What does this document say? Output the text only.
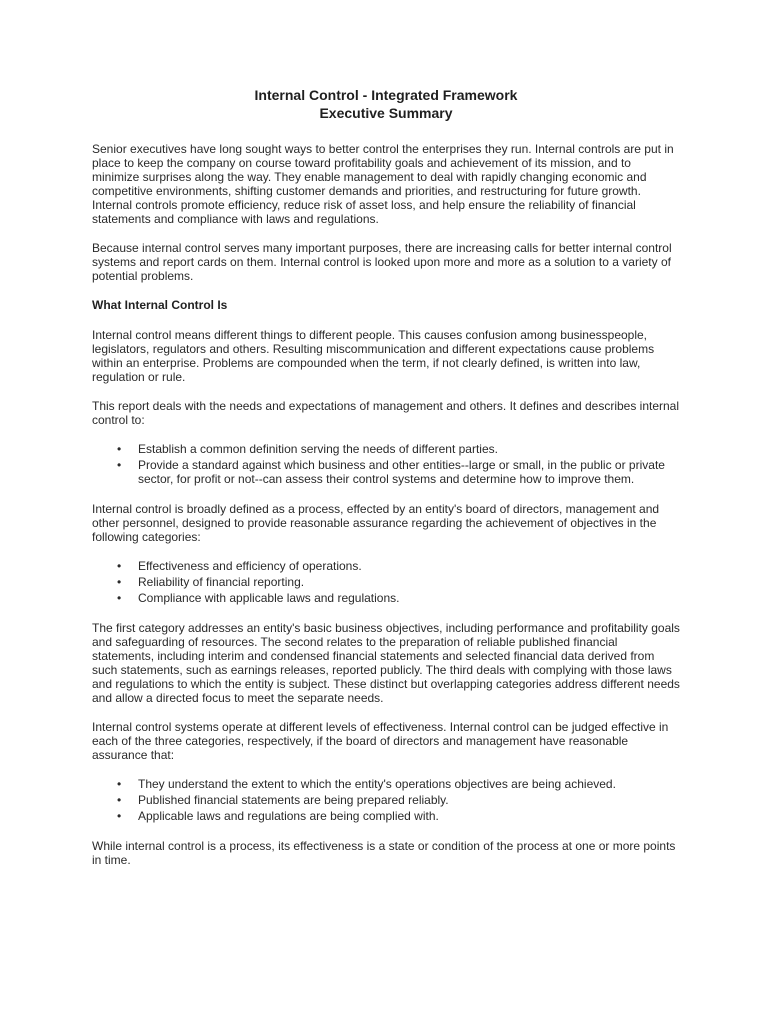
Internal Control - Integrated Framework
Executive Summary

Senior executives have long sought ways to better control the enterprises they run. Internal controls are put in place to keep the company on course toward profitability goals and achievement of its mission, and to minimize surprises along the way. They enable management to deal with rapidly changing economic and competitive environments, shifting customer demands and priorities, and restructuring for future growth. Internal controls promote efficiency, reduce risk of asset loss, and help ensure the reliability of financial statements and compliance with laws and regulations.

Because internal control serves many important purposes, there are increasing calls for better internal control systems and report cards on them. Internal control is looked upon more and more as a solution to a variety of potential problems.

What Internal Control Is

Internal control means different things to different people. This causes confusion among businesspeople, legislators, regulators and others. Resulting miscommunication and different expectations cause problems within an enterprise. Problems are compounded when the term, if not clearly defined, is written into law, regulation or rule.

This report deals with the needs and expectations of management and others. It defines and describes internal control to:

• Establish a common definition serving the needs of different parties.
• Provide a standard against which business and other entities--large or small, in the public or private sector, for profit or not--can assess their control systems and determine how to improve them.

Internal control is broadly defined as a process, effected by an entity's board of directors, management and other personnel, designed to provide reasonable assurance regarding the achievement of objectives in the following categories:

• Effectiveness and efficiency of operations.
• Reliability of financial reporting.
• Compliance with applicable laws and regulations.

The first category addresses an entity's basic business objectives, including performance and profitability goals and safeguarding of resources. The second relates to the preparation of reliable published financial statements, including interim and condensed financial statements and selected financial data derived from such statements, such as earnings releases, reported publicly. The third deals with complying with those laws and regulations to which the entity is subject. These distinct but overlapping categories address different needs and allow a directed focus to meet the separate needs.

Internal control systems operate at different levels of effectiveness. Internal control can be judged effective in each of the three categories, respectively, if the board of directors and management have reasonable assurance that:

• They understand the extent to which the entity's operations objectives are being achieved.
• Published financial statements are being prepared reliably.
• Applicable laws and regulations are being complied with.

While internal control is a process, its effectiveness is a state or condition of the process at one or more points in time.
